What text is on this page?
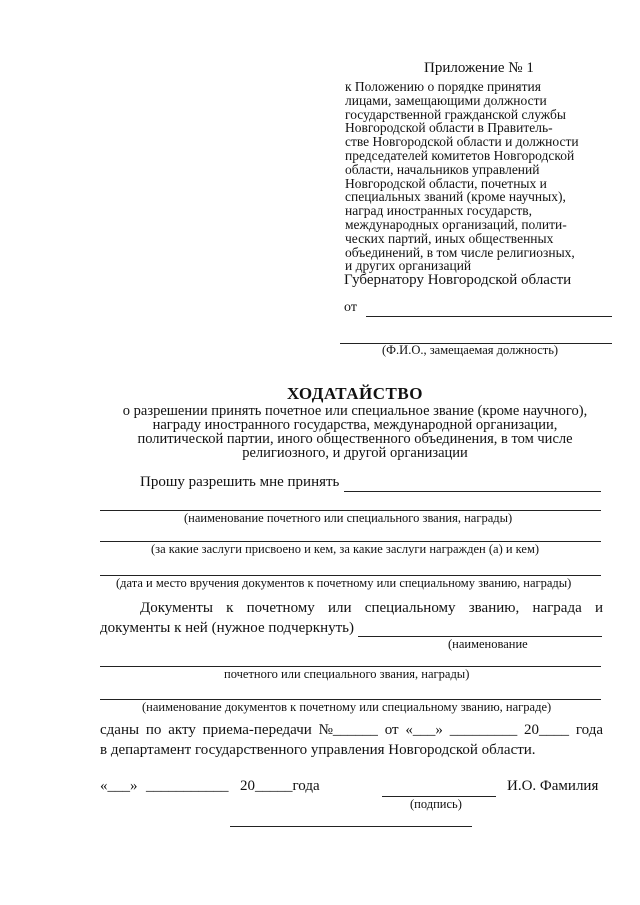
Приложение № 1
к Положению о порядке принятия
лицами, замещающими должности
государственной гражданской службы
Новгородской области в Правитель-
стве Новгородской области и должности
председателей комитетов Новгородской
области, начальников управлений
Новгородской области, почетных и
специальных званий (кроме научных),
наград иностранных государств,
международных организаций, полити-
ческих партий, иных общественных
объединений, в том числе религиозных,
и других организаций
Губернатору Новгородской области
от
(Ф.И.О., замещаемая должность)
ХОДАТАЙСТВО
о разрешении принять почетное или специальное звание (кроме научного),
награду иностранного государства, международной организации,
политической партии, иного общественного объединения, в том числе
религиозного, и другой организации
Прошу разрешить мне принять
(наименование почетного или специального звания, награды)
(за какие заслуги присвоено и кем, за какие заслуги награжден (а) и кем)
(дата и место вручения документов к почетному или специальному званию, награды)
Документы к почетному или специальному званию, награда и
документы к ней (нужное подчеркнуть)
(наименование
почетного или специального звания, награды)
(наименование документов к почетному или специальному званию, награде)
сданы по акту приема-передачи №______ от «___» _________ 20____ года
в департамент государственного управления Новгородской области.
«___» ___________ 20_____года
(подпись)
И.О. Фамилия
